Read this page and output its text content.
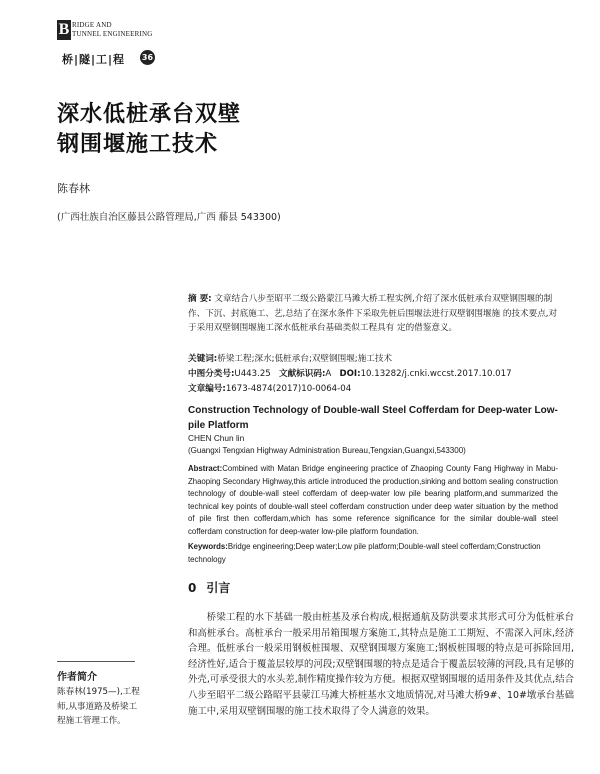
B RIDGE AND
TUNNEL ENGINEERING
桥|隧|工|程 36
深水低桩承台双壁
钢围堰施工技术
陈春林
(广西壮族自治区藤县公路管理局,广西 藤县 543300)
摘 要: 文章结合八步至昭平二级公路蒙江马滩大桥工程实例,介绍了深水低桩承台双壁钢围堰的制作、下沉、封底施工、艺,总结了在深水条件下采取先桩后围堰法进行双壁钢围堰施 的技术要点,对于采用双壁钢围堰施工深水低桩承台基础类似工程具有 定的借鉴意义。
关键词:桥梁工程;深水;低桩承台;双壁钢围堰;施工技术
中图分类号:U443.25 文献标识码:A DOI:10.13282/j.cnki.wccst.2017.10.017
文章编号:1673-4874(2017)10-0064-04
Construction Technology of Double-wall Steel Cofferdam for Deep-water Low-pile Platform
CHEN Chun lin
(Guangxi Tengxian Highway Administration Bureau,Tengxian,Guangxi,543300)
Abstract:Combined with Matan Bridge engineering practice of Zhaoping County Fang Highway in Mabu-Zhaoping Secondary Highway,this article introduced the production,sinking and bottom sealing construction technology of double-wall steel cofferdam of deep-water low pile bearing platform,and summarized the technical key points of double-wall steel cofferdam construction under deep water situation by the method of pile first then cofferdam,which has some reference significance for the similar double-wall steel cofferdam construction for deep-water low-pile platform foundation.
Keywords:Bridge engineering;Deep water;Low pile platform;Double-wall steel cofferdam;Construction technology
0 引言
桥梁工程的水下基础一般由桩基及承台构成,根据通航及防洪要求其形式可分为低桩承台和高桩承台。高桩承台一般采用吊箱围堰方案施工,其特点是施工工期短、不需深入河床,经济合理。低桩承台一般采用钢板桩围堰、双壁钢围堰方案施工;钢板桩围堰的特点是可拆除回用,经济性好,适合于覆盖层较厚的河段;双壁钢围堰的特点是适合于覆盖层较薄的河段,具有足够的外壳,可承受很大的水头差,制作精度操作较为方便。根据双壁钢围堰的适用条件及其优点,结合八步至昭平二级公路昭平县蒙江马滩大桥桩基水文地质情况,对马滩大桥9#、10#墩承台基础施工中,采用双壁钢围堰的施工技术取得了令人满意的效果。
作者简介
陈春林(1975—),工程师,从事道路及桥梁工程施工管理工作。
